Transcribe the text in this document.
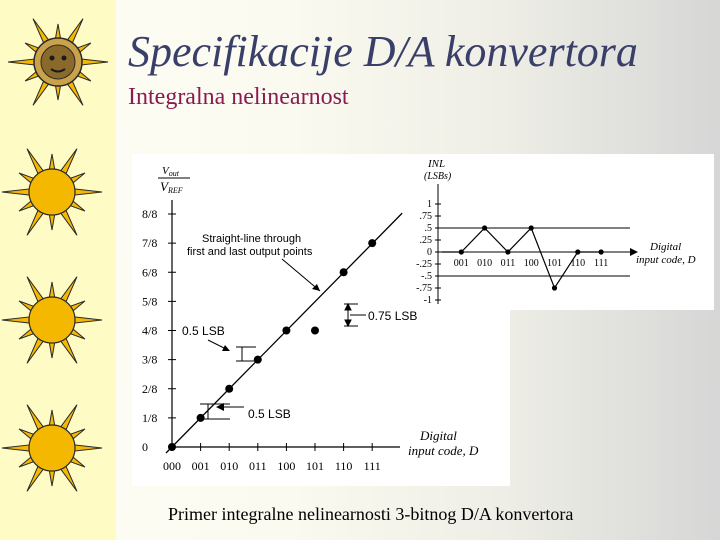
Specifikacije D/A konvertora
Integralna nelinearnost
Vout
VREF
0
1/8
2/8
3/8
4/8
5/8
6/8
7/8
8/8
000 001 010 011 100 101 110 111
Straight-line through
first and last output points
0.5 LSB
0.5 LSB
0.75 LSB
Digital
input code, D
INL
(LSBs)
1
.75
.5
.25
0
-.25
-.5
-.75
-1
001 010 011 100 101 110 111
Digital
input code, D
Primer integralne nelinearnosti 3-bitnog D/A konvertora
